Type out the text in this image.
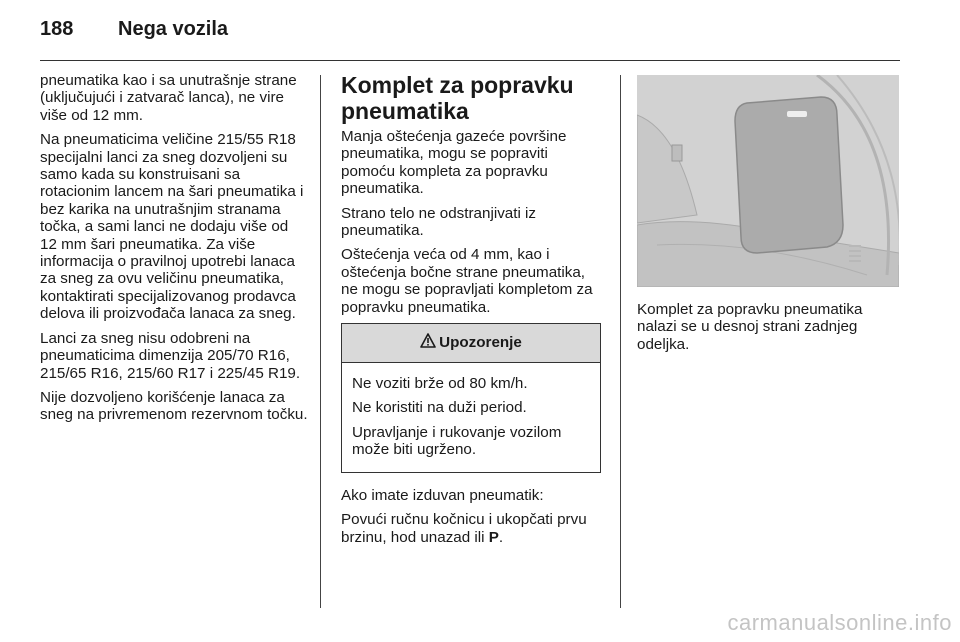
188	Nega vozila

pneumatika kao i sa unutrašnje strane (uključujući i zatvarač lanca), ne vire više od 12 mm.

Na pneumaticima veličine 215/55 R18 specijalni lanci za sneg dozvoljeni su samo kada su konstruisani sa rotacionim lancem na šari pneumatika i bez karika na unutrašnjim stranama točka, a sami lanci ne dodaju više od 12 mm šari pneumatika. Za više informacija o pravilnoj upotrebi lanaca za sneg za ovu veličinu pneumatika, kontaktirati specijalizovanog prodavca delova ili proizvođača lanaca za sneg.

Lanci za sneg nisu odobreni na pneumaticima dimenzija 205/70 R16, 215/65 R16, 215/60 R17 i 225/45 R19.

Nije dozvoljeno korišćenje lanaca za sneg na privremenom rezervnom točku.

Komplet za popravku pneumatika

Manja oštećenja gazeće površine pneumatika, mogu se popraviti pomoću kompleta za popravku pneumatika.

Strano telo ne odstranjivati iz pneumatika.

Oštećenja veća od 4 mm, kao i oštećenja bočne strane pneumatika, ne mogu se popravljati kompletom za popravku pneumatika.

Upozorenje

Ne voziti brže od 80 km/h.

Ne koristiti na duži period.

Upravljanje i rukovanje vozilom može biti ugrženo.

Ako imate izduvan pneumatik:

Povući ručnu kočnicu i ukopčati prvu brzinu, hod unazad ili P.

Komplet za popravku pneumatika nalazi se u desnoj strani zadnjeg odeljka.

carmanualsonline.info
